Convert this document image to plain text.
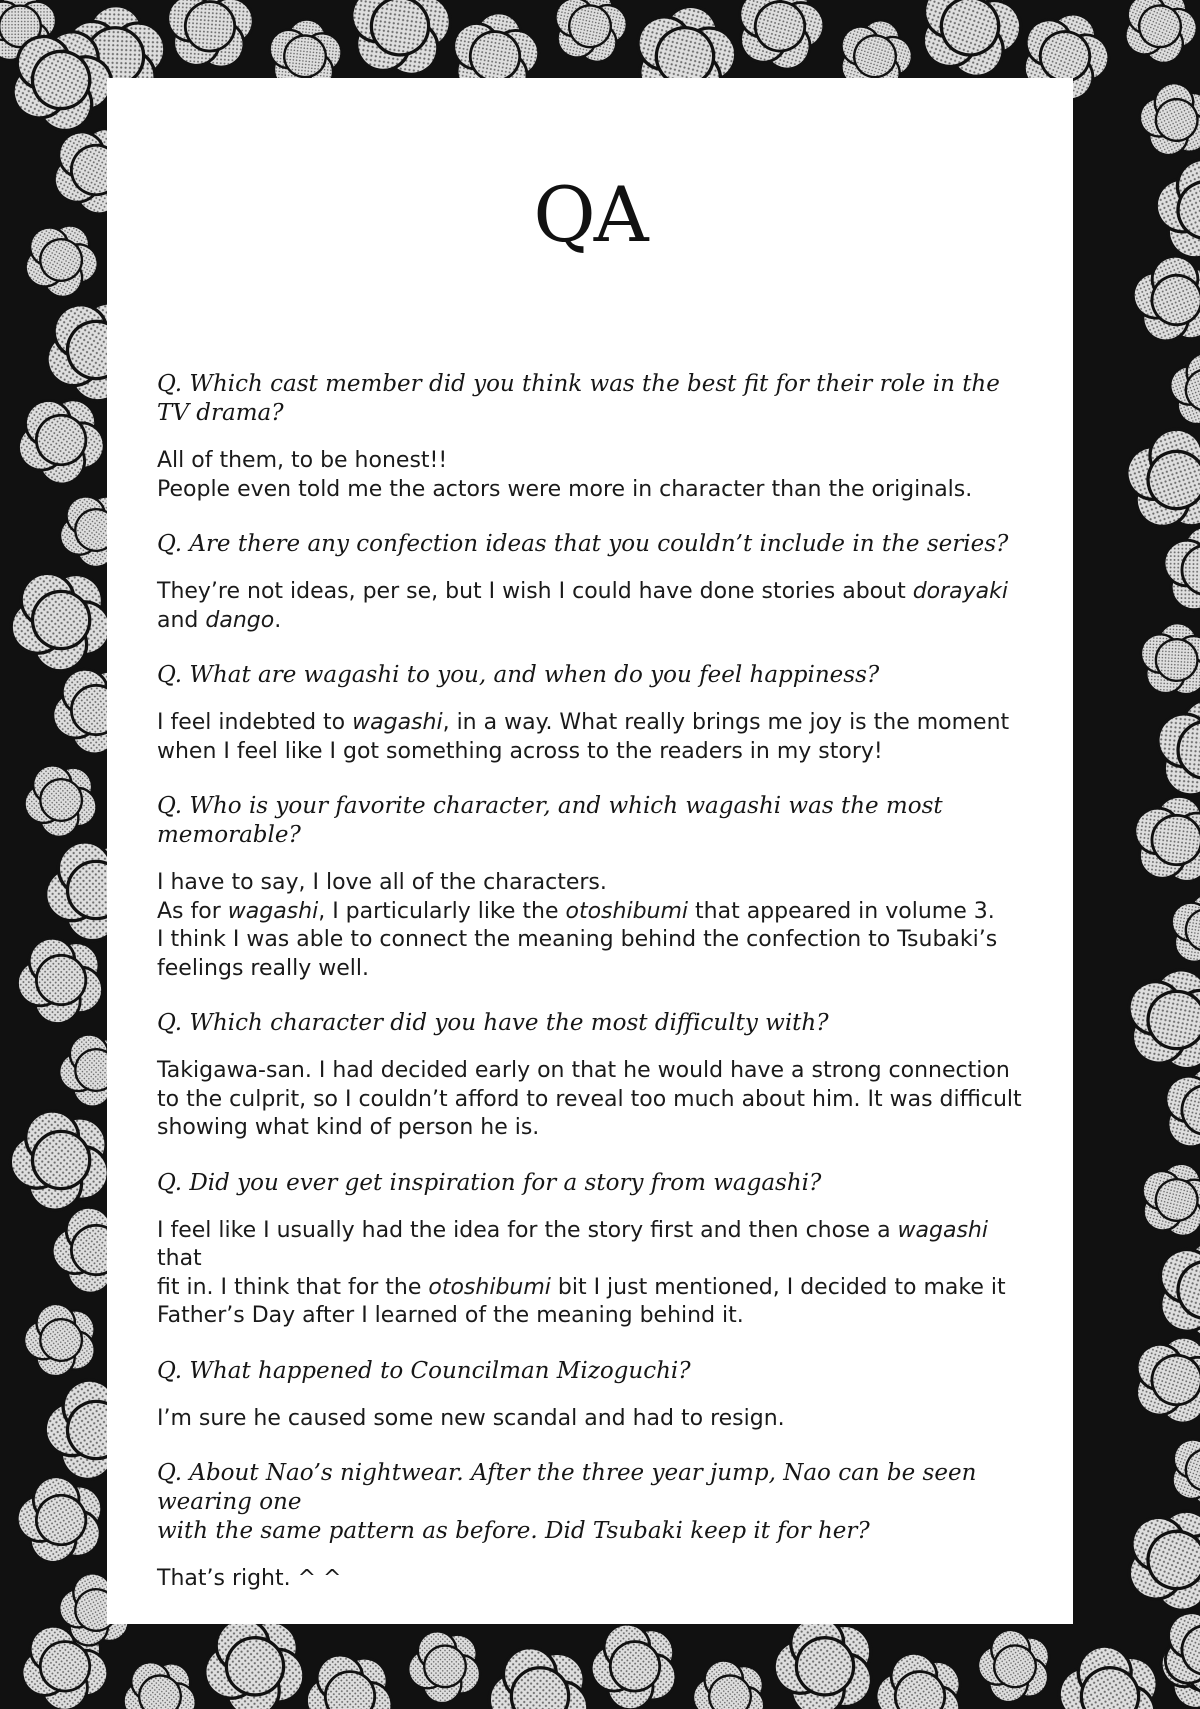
QA

Q. Which cast member did you think was the best fit for their role in the TV drama?

All of them, to be honest!!
People even told me the actors were more in character than the originals.

Q. Are there any confection ideas that you couldn’t include in the series?

They’re not ideas, per se, but I wish I could have done stories about dorayaki
and dango.

Q. What are wagashi to you, and when do you feel happiness?

I feel indebted to wagashi, in a way. What really brings me joy is the moment
when I feel like I got something across to the readers in my story!

Q. Who is your favorite character, and which wagashi was the most memorable?

I have to say, I love all of the characters.
As for wagashi, I particularly like the otoshibumi that appeared in volume 3.
I think I was able to connect the meaning behind the confection to Tsubaki’s
feelings really well.

Q. Which character did you have the most difficulty with?

Takigawa-san. I had decided early on that he would have a strong connection
to the culprit, so I couldn’t afford to reveal too much about him. It was difficult
showing what kind of person he is.

Q. Did you ever get inspiration for a story from wagashi?

I feel like I usually had the idea for the story first and then chose a wagashi that
fit in. I think that for the otoshibumi bit I just mentioned, I decided to make it
Father’s Day after I learned of the meaning behind it.

Q. What happened to Councilman Mizoguchi?

I’m sure he caused some new scandal and had to resign.

Q. About Nao’s nightwear. After the three year jump, Nao can be seen wearing one
with the same pattern as before. Did Tsubaki keep it for her?

That’s right. ^ ^
